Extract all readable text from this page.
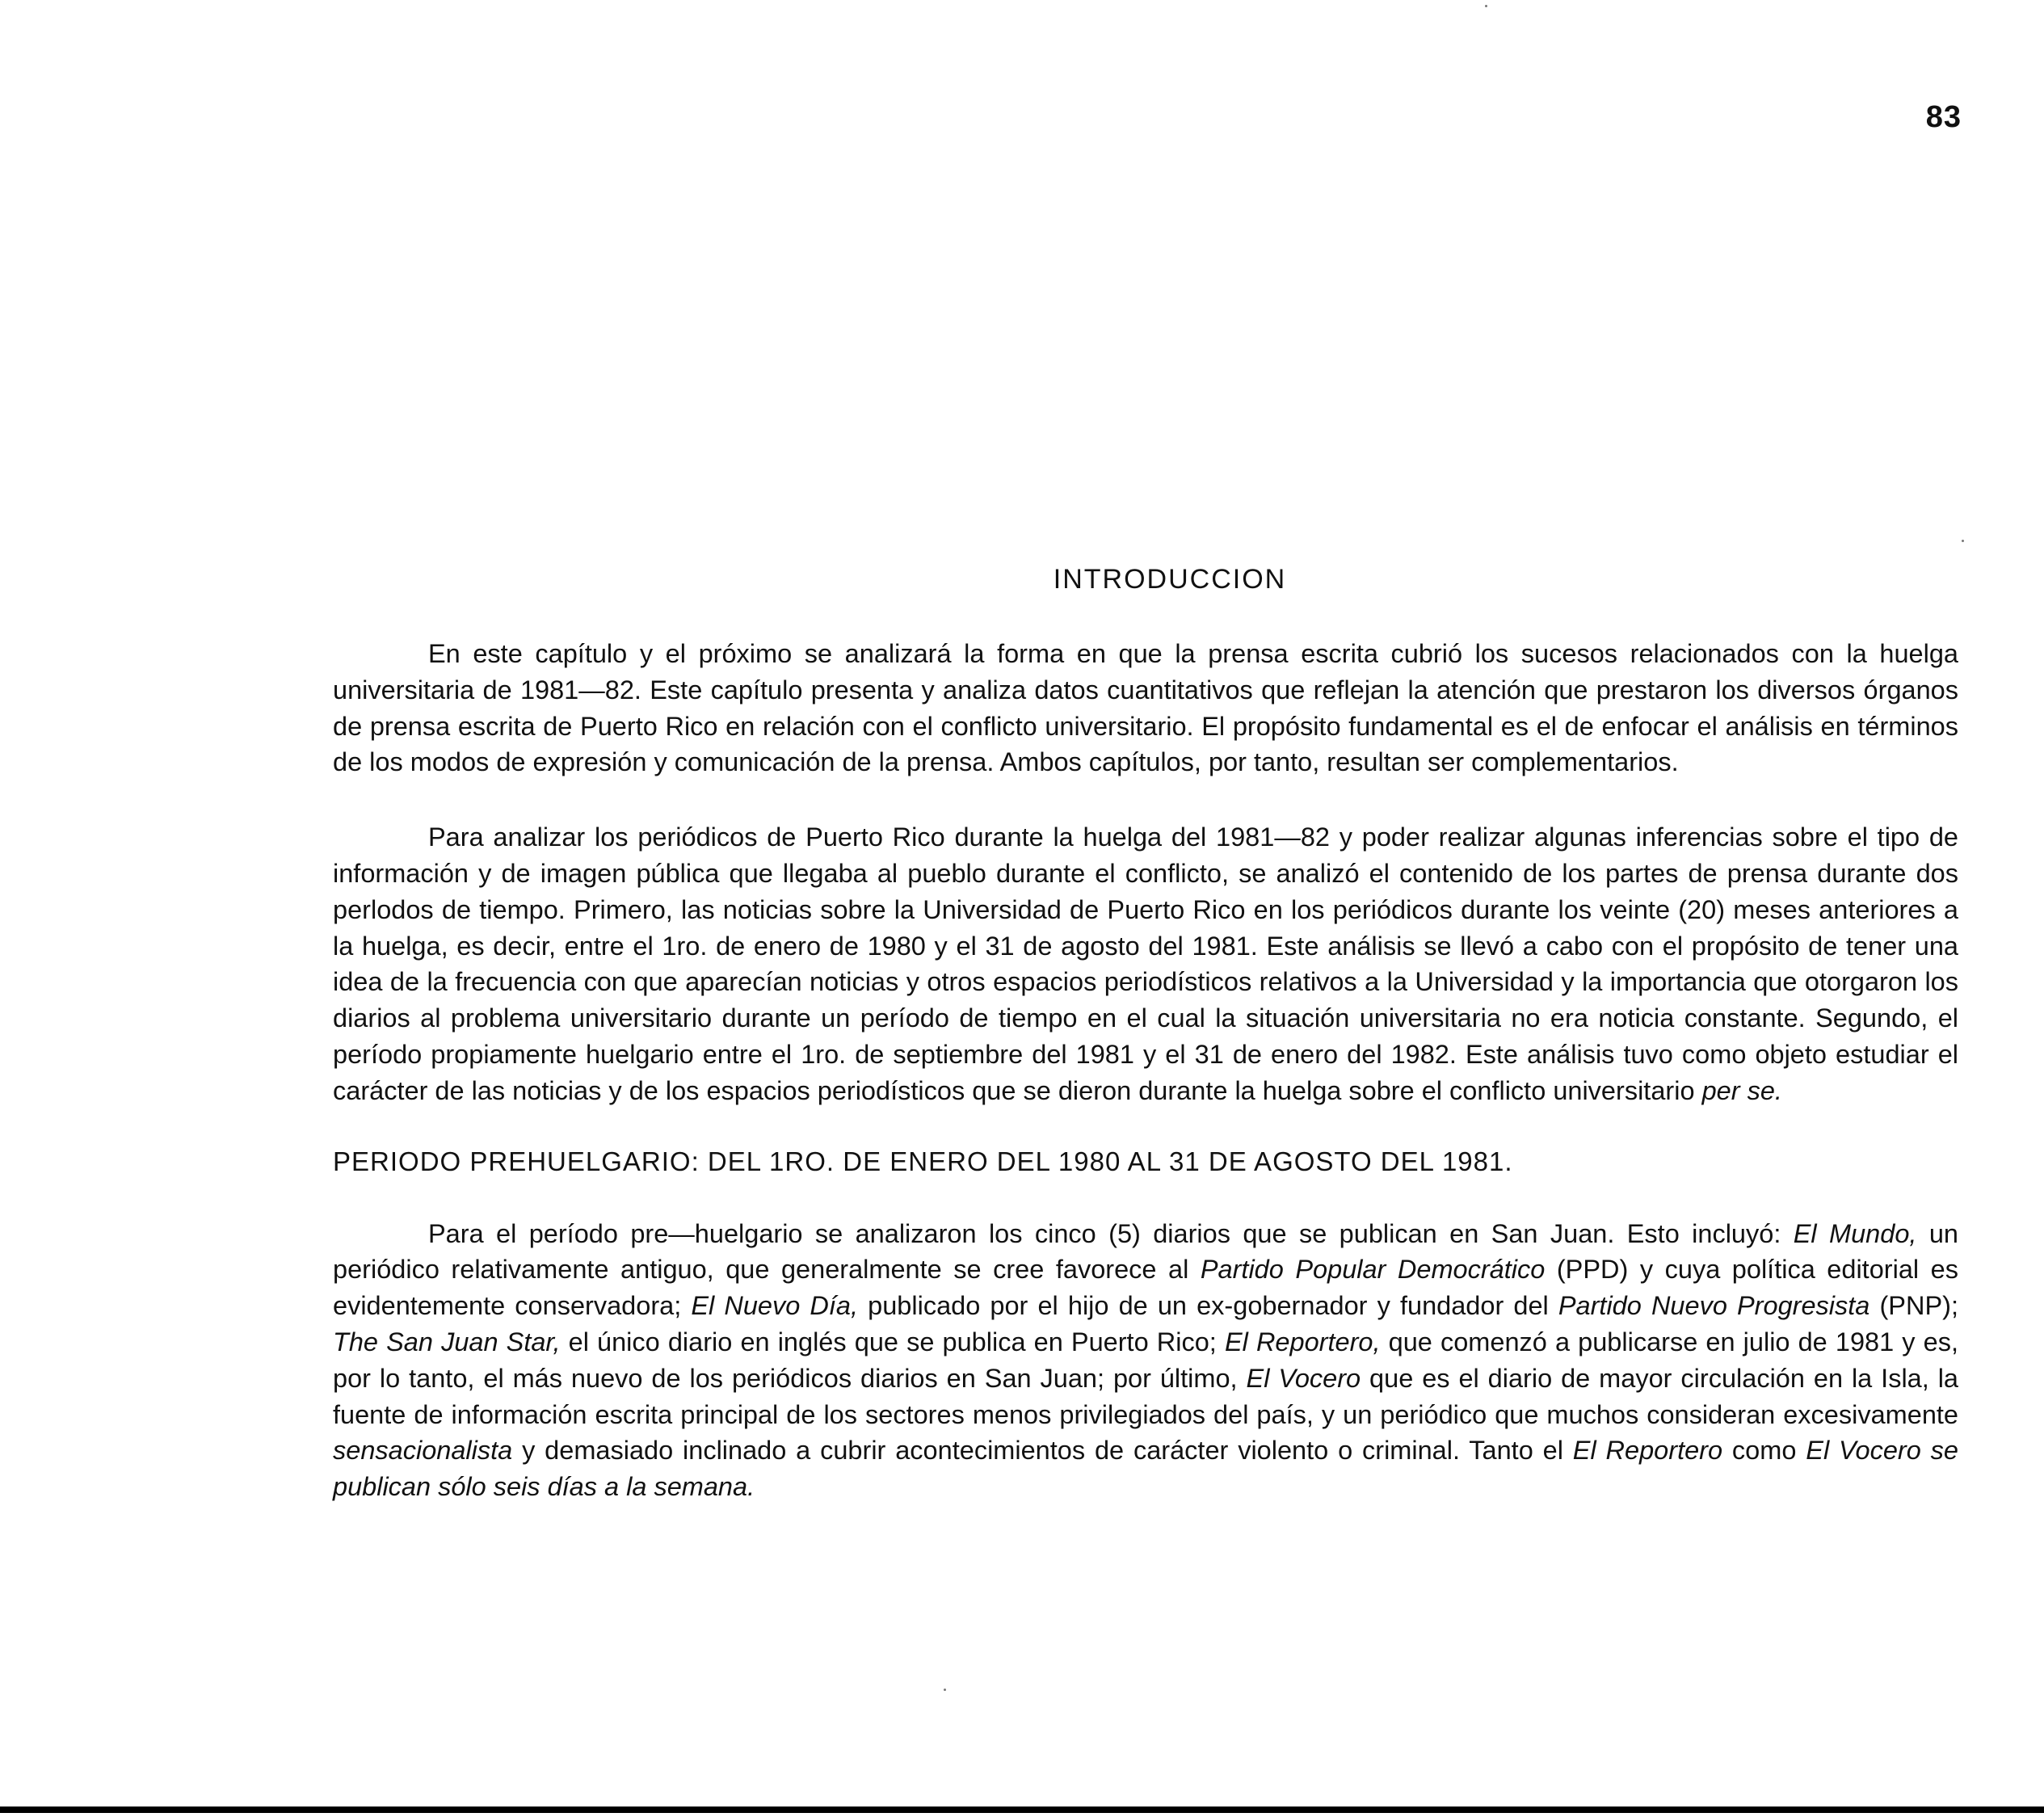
83
INTRODUCCION

En este capítulo y el próximo se analizará la forma en que la prensa escrita cubrió los sucesos relacionados con la huelga universitaria de 1981—82. Este capítulo presenta y analiza datos cuantitativos que reflejan la atención que prestaron los diversos órganos de prensa escrita de Puerto Rico en relación con el conflicto universitario. El propósito fundamental es el de enfocar el análisis en términos de los modos de expresión y comunicación de la prensa. Ambos capítulos, por tanto, resultan ser complementarios.

Para analizar los periódicos de Puerto Rico durante la huelga del 1981—82 y poder realizar algunas inferencias sobre el tipo de información y de imagen pública que llegaba al pueblo durante el conflicto, se analizó el contenido de los partes de prensa durante dos perlodos de tiempo. Primero, las noticias sobre la Universidad de Puerto Rico en los periódicos durante los veinte (20) meses anteriores a la huelga, es decir, entre el 1ro. de enero de 1980 y el 31 de agosto del 1981. Este análisis se llevó a cabo con el propósito de tener una idea de la frecuencia con que aparecían noticias y otros espacios periodísticos relativos a la Universidad y la importancia que otorgaron los diarios al problema universitario durante un período de tiempo en el cual la situación universitaria no era noticia constante. Segundo, el período propiamente huelgario entre el 1ro. de septiembre del 1981 y el 31 de enero del 1982. Este análisis tuvo como objeto estudiar el carácter de las noticias y de los espacios periodísticos que se dieron durante la huelga sobre el conflicto universitario per se.

PERIODO PREHUELGARIO: DEL 1RO. DE ENERO DEL 1980 AL 31 DE AGOSTO DEL 1981.

Para el período pre—huelgario se analizaron los cinco (5) diarios que se publican en San Juan. Esto incluyó: El Mundo, un periódico relativamente antiguo, que generalmente se cree favorece al Partido Popular Democrático (PPD) y cuya política editorial es evidentemente conservadora; El Nuevo Día, publicado por el hijo de un ex-gobernador y fundador del Partido Nuevo Progresista (PNP); The San Juan Star, el único diario en inglés que se publica en Puerto Rico; El Reportero, que comenzó a publicarse en julio de 1981 y es, por lo tanto, el más nuevo de los periódicos diarios en San Juan; por último, El Vocero que es el diario de mayor circulación en la Isla, la fuente de información escrita principal de los sectores menos privilegiados del país, y un periódico que muchos consideran excesivamente sensacionalista y demasiado inclinado a cubrir acontecimientos de carácter violento o criminal. Tanto el El Reportero como El Vocero se publican sólo seis días a la semana.
